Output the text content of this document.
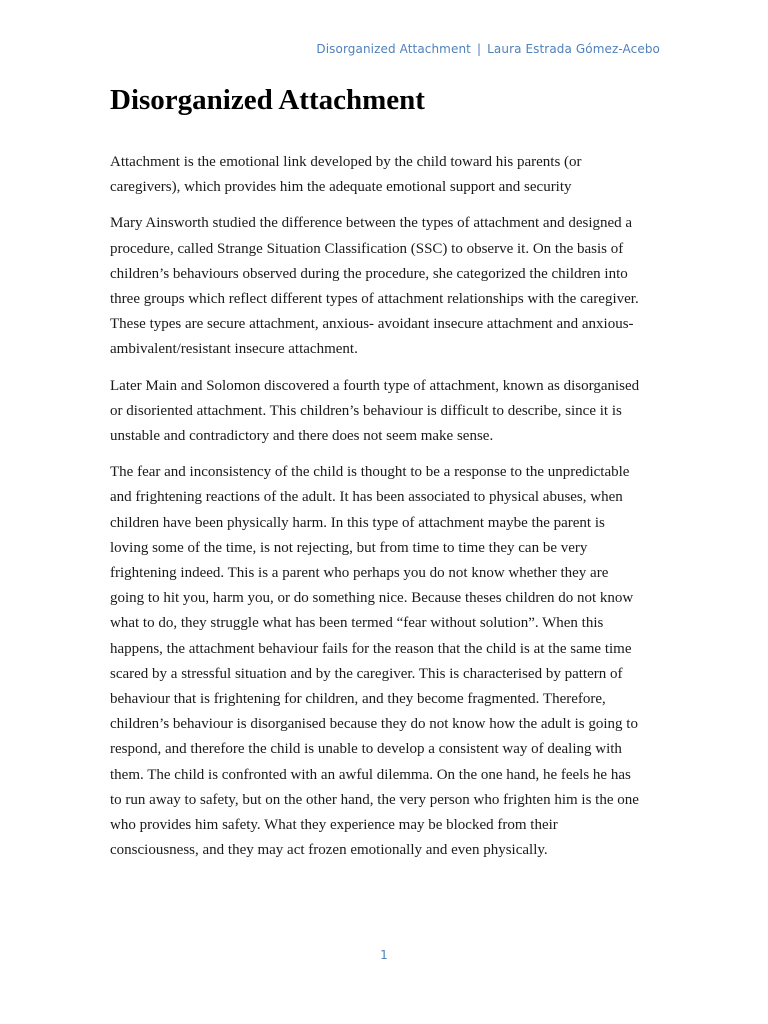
Disorganized Attachment | Laura Estrada Gómez-Acebo
Disorganized Attachment

Attachment is the emotional link developed by the child toward his parents (or
caregivers), which provides him the adequate emotional support and security

Mary Ainsworth studied the difference between the types of attachment and designed a
procedure, called Strange Situation Classification (SSC) to observe it. On the basis of
children’s behaviours observed during the procedure, she categorized the children into
three groups which reflect different types of attachment relationships with the caregiver.
These types are secure attachment, anxious- avoidant insecure attachment and anxious-
ambivalent/resistant insecure attachment.

Later Main and Solomon discovered a fourth type of attachment, known as disorganised
or disoriented attachment. This children’s behaviour is difficult to describe, since it is
unstable and contradictory and there does not seem make sense.

The fear and inconsistency of the child is thought to be a response to the unpredictable
and frightening reactions of the adult. It has been associated to physical abuses, when
children have been physically harm. In this type of attachment maybe the parent is
loving some of the time, is not rejecting, but from time to time they can be very
frightening indeed. This is a parent who perhaps you do not know whether they are
going to hit you, harm you, or do something nice. Because theses children do not know
what to do, they struggle what has been termed “fear without solution”. When this
happens, the attachment behaviour fails for the reason that the child is at the same time
scared by a stressful situation and by the caregiver. This is characterised by pattern of
behaviour that is frightening for children, and they become fragmented. Therefore,
children’s behaviour is disorganised because they do not know how the adult is going to
respond, and therefore the child is unable to develop a consistent way of dealing with
them. The child is confronted with an awful dilemma. On the one hand, he feels he has
to run away to safety, but on the other hand, the very person who frighten him is the one
who provides him safety. What they experience may be blocked from their
consciousness, and they may act frozen emotionally and even physically.

1
